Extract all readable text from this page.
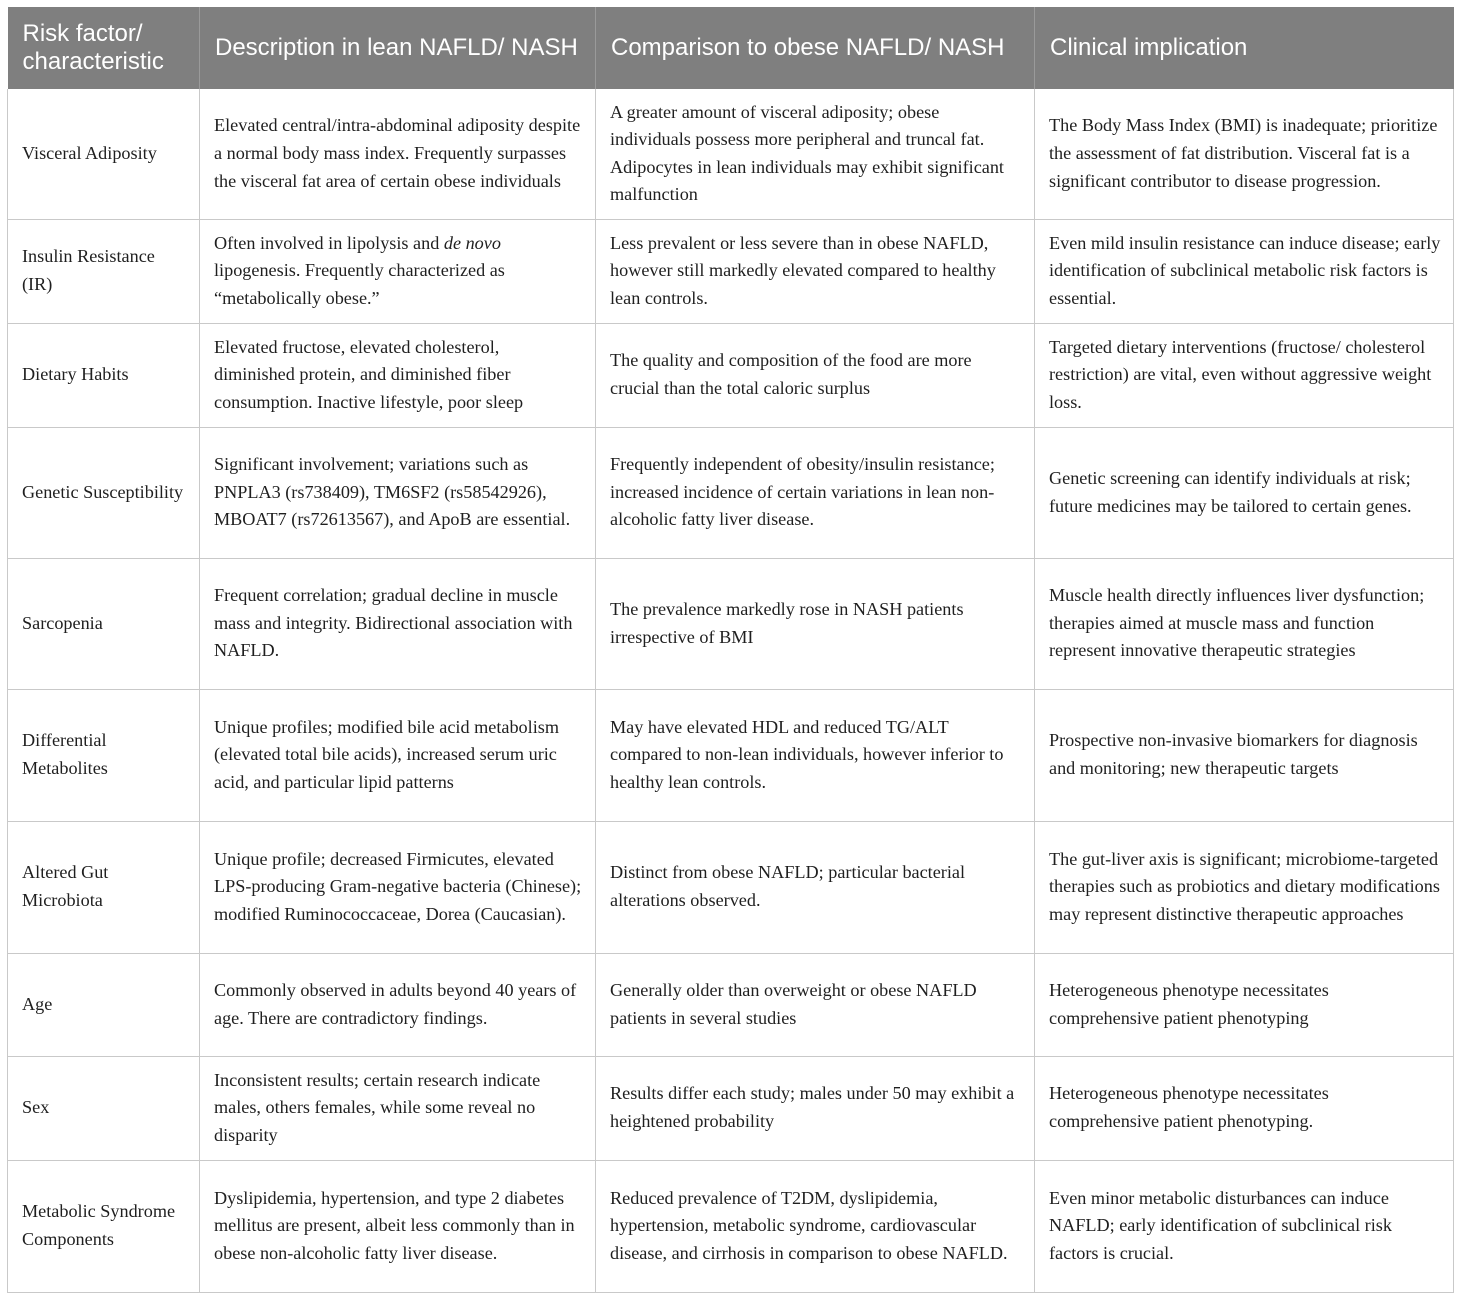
Risk factor/ characteristic	Description in lean NAFLD/ NASH	Comparison to obese NAFLD/ NASH	Clinical implication
Visceral Adiposity	Elevated central/intra-abdominal adiposity despite a normal body mass index. Frequently surpasses the visceral fat area of certain obese individuals	A greater amount of visceral adiposity; obese individuals possess more peripheral and truncal fat. Adipocytes in lean individuals may exhibit significant malfunction	The Body Mass Index (BMI) is inadequate; prioritize the assessment of fat distribution. Visceral fat is a significant contributor to disease progression.
Insulin Resistance (IR)	Often involved in lipolysis and de novo lipogenesis. Frequently characterized as “metabolically obese.”	Less prevalent or less severe than in obese NAFLD, however still markedly elevated compared to healthy lean controls.	Even mild insulin resistance can induce disease; early identification of subclinical metabolic risk factors is essential.
Dietary Habits	Elevated fructose, elevated cholesterol, diminished protein, and diminished fiber consumption. Inactive lifestyle, poor sleep	The quality and composition of the food are more crucial than the total caloric surplus	Targeted dietary interventions (fructose/ cholesterol restriction) are vital, even without aggressive weight loss.
Genetic Susceptibility	Significant involvement; variations such as PNPLA3 (rs738409), TM6SF2 (rs58542926), MBOAT7 (rs72613567), and ApoB are essential.	Frequently independent of obesity/insulin resistance; increased incidence of certain variations in lean non-alcoholic fatty liver disease.	Genetic screening can identify individuals at risk; future medicines may be tailored to certain genes.
Sarcopenia	Frequent correlation; gradual decline in muscle mass and integrity. Bidirectional association with NAFLD.	The prevalence markedly rose in NASH patients irrespective of BMI	Muscle health directly influences liver dysfunction; therapies aimed at muscle mass and function represent innovative therapeutic strategies
Differential Metabolites	Unique profiles; modified bile acid metabolism (elevated total bile acids), increased serum uric acid, and particular lipid patterns	May have elevated HDL and reduced TG/ALT compared to non-lean individuals, however inferior to healthy lean controls.	Prospective non-invasive biomarkers for diagnosis and monitoring; new therapeutic targets
Altered Gut Microbiota	Unique profile; decreased Firmicutes, elevated LPS-producing Gram-negative bacteria (Chinese); modified Ruminococcaceae, Dorea (Caucasian).	Distinct from obese NAFLD; particular bacterial alterations observed.	The gut-liver axis is significant; microbiome-targeted therapies such as probiotics and dietary modifications may represent distinctive therapeutic approaches
Age	Commonly observed in adults beyond 40 years of age. There are contradictory findings.	Generally older than overweight or obese NAFLD patients in several studies	Heterogeneous phenotype necessitates comprehensive patient phenotyping
Sex	Inconsistent results; certain research indicate males, others females, while some reveal no disparity	Results differ each study; males under 50 may exhibit a heightened probability	Heterogeneous phenotype necessitates comprehensive patient phenotyping.
Metabolic Syndrome Components	Dyslipidemia, hypertension, and type 2 diabetes mellitus are present, albeit less commonly than in obese non-alcoholic fatty liver disease.	Reduced prevalence of T2DM, dyslipidemia, hypertension, metabolic syndrome, cardiovascular disease, and cirrhosis in comparison to obese NAFLD.	Even minor metabolic disturbances can induce NAFLD; early identification of subclinical risk factors is crucial.
